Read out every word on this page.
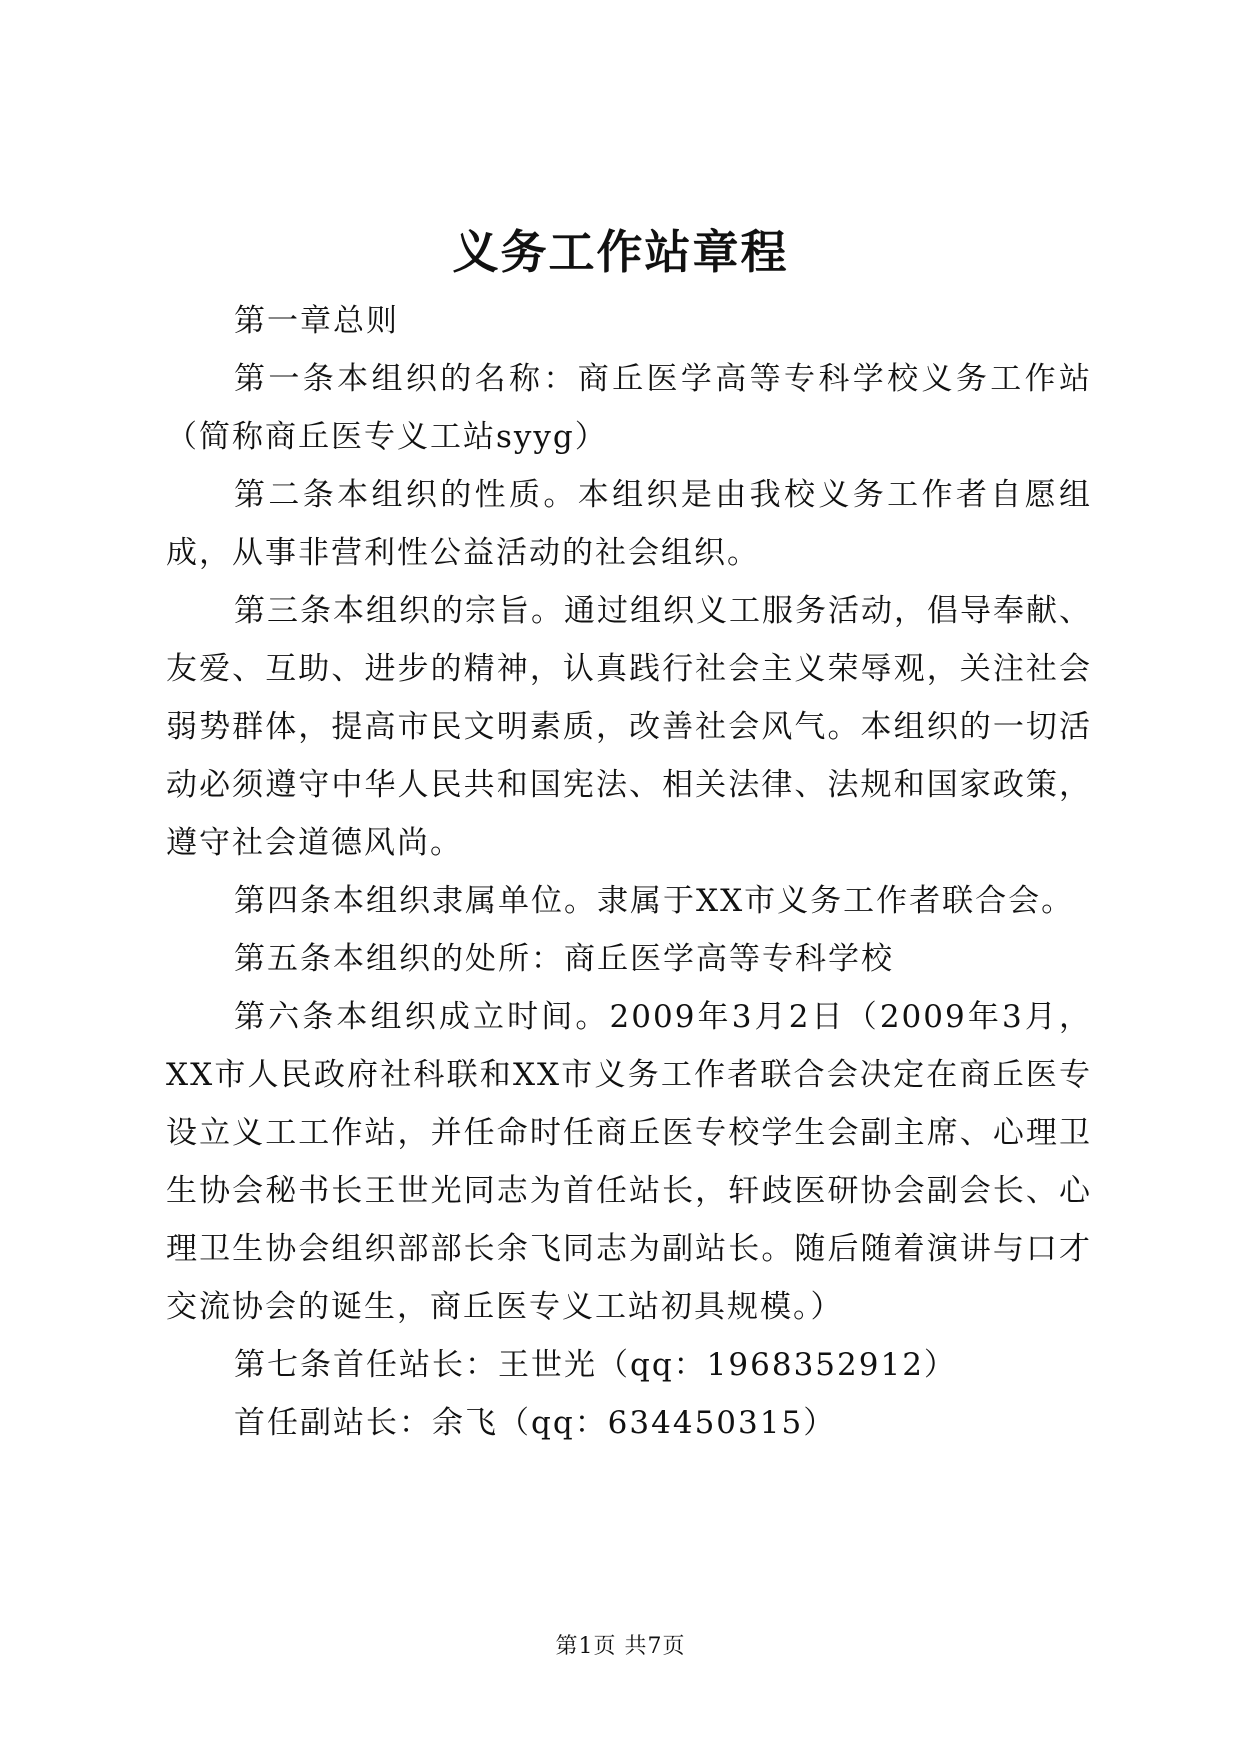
义务工作站章程

第一章总则

第一条本组织的名称：商丘医学高等专科学校义务工作站（简称商丘医专义工站syyg）

第二条本组织的性质。本组织是由我校义务工作者自愿组成，从事非营利性公益活动的社会组织。

第三条本组织的宗旨。通过组织义工服务活动，倡导奉献、友爱、互助、进步的精神，认真践行社会主义荣辱观，关注社会弱势群体，提高市民文明素质，改善社会风气。本组织的一切活动必须遵守中华人民共和国宪法、相关法律、法规和国家政策，遵守社会道德风尚。

第四条本组织隶属单位。隶属于XX市义务工作者联合会。

第五条本组织的处所：商丘医学高等专科学校

第六条本组织成立时间。2009年3月2日（2009年3月，XX市人民政府社科联和XX市义务工作者联合会决定在商丘医专设立义工工作站，并任命时任商丘医专校学生会副主席、心理卫生协会秘书长王世光同志为首任站长，轩歧医研协会副会长、心理卫生协会组织部部长余飞同志为副站长。随后随着演讲与口才交流协会的诞生，商丘医专义工站初具规模。）

第七条首任站长：王世光（qq：1968352912）

首任副站长：余飞（qq：634450315）

第1页 共7页
